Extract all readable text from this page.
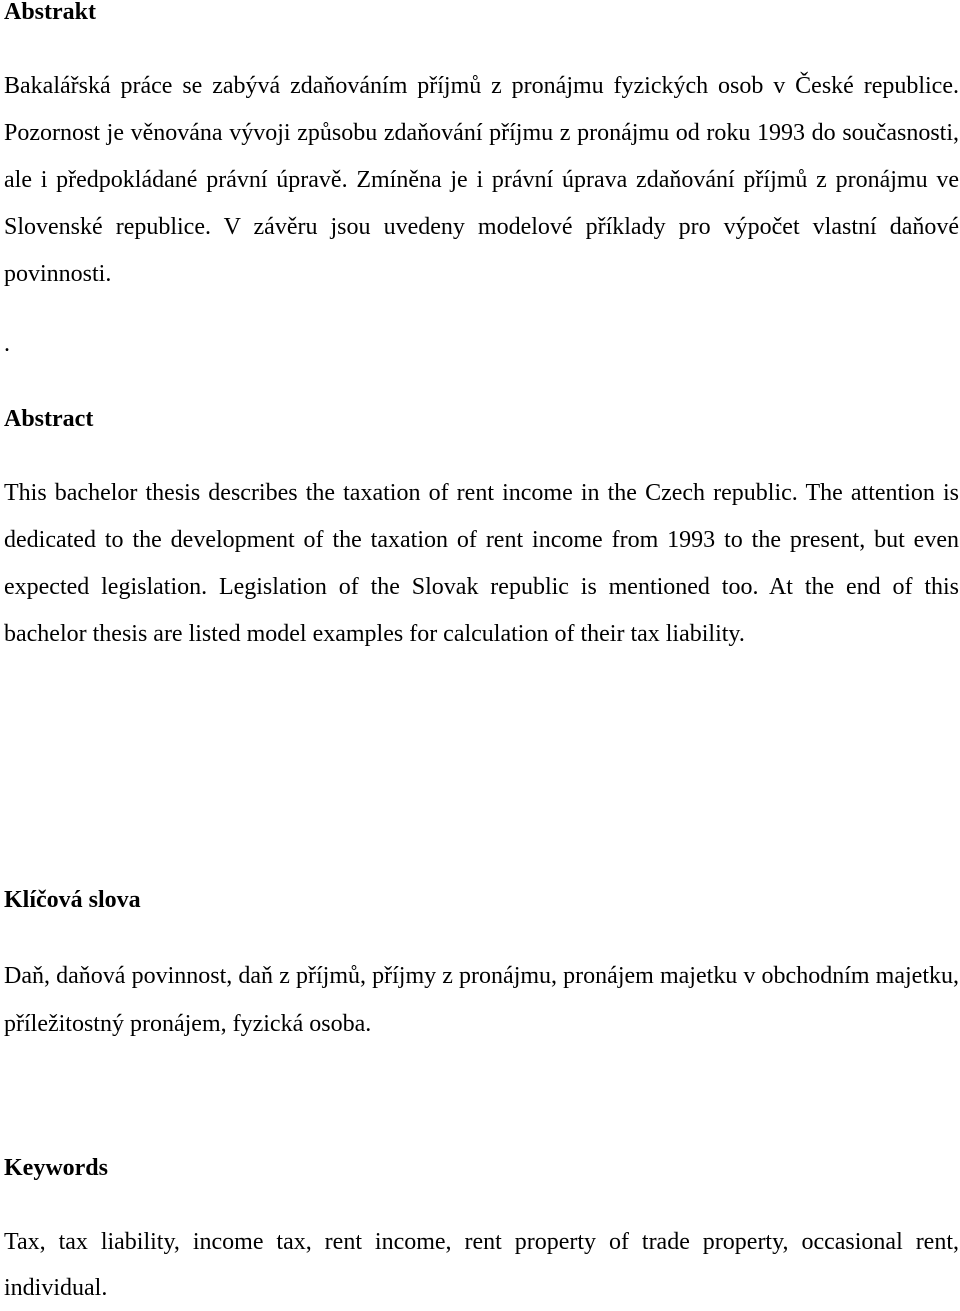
Abstrakt

Bakalářská práce se zabývá zdaňováním příjmů z pronájmu fyzických osob v České republice. Pozornost je věnována vývoji způsobu zdaňování příjmu z pronájmu od roku 1993 do současnosti, ale i předpokládané právní úpravě. Zmíněna je i právní úprava zdaňování příjmů z pronájmu ve Slovenské republice. V závěru jsou uvedeny modelové příklady pro výpočet vlastní daňové povinnosti.

.
Abstract

This bachelor thesis describes the taxation of rent income in the Czech republic. The attention is dedicated to the development of the taxation of rent income from 1993 to the present, but even expected legislation. Legislation of the Slovak republic is mentioned too. At the end of this bachelor thesis are listed model examples for calculation of their tax liability.

Klíčová slova

Daň, daňová povinnost, daň z příjmů, příjmy z pronájmu, pronájem majetku v obchodním majetku, příležitostný pronájem, fyzická osoba.

Keywords

Tax, tax liability, income tax, rent income, rent property of trade property, occasional rent, individual.
